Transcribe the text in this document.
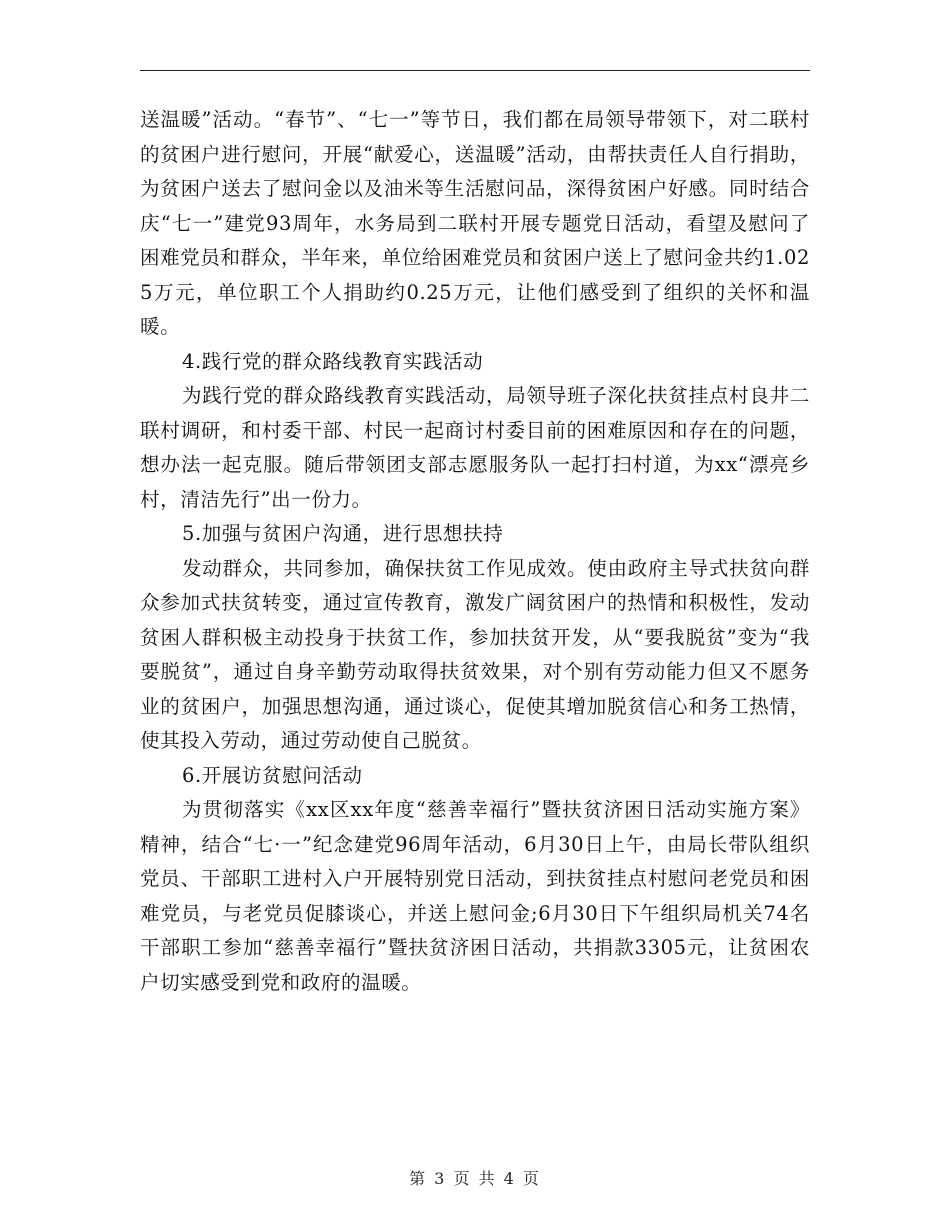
送温暖”活动。“春节”、“七一”等节日，我们都在局领导带领下，对二联村的贫困户进行慰问，开展“献爱心，送温暖”活动，由帮扶责任人自行捐助，为贫困户送去了慰问金以及油米等生活慰问品，深得贫困户好感。同时结合庆“七一”建党93周年，水务局到二联村开展专题党日活动，看望及慰问了困难党员和群众，半年来，单位给困难党员和贫困户送上了慰问金共约1.025万元，单位职工个人捐助约0.25万元，让他们感受到了组织的关怀和温暖。

4.践行党的群众路线教育实践活动

为践行党的群众路线教育实践活动，局领导班子深化扶贫挂点村良井二联村调研，和村委干部、村民一起商讨村委目前的困难原因和存在的问题，想办法一起克服。随后带领团支部志愿服务队一起打扫村道，为xx“漂亮乡村，清洁先行”出一份力。

5.加强与贫困户沟通，进行思想扶持

发动群众，共同参加，确保扶贫工作见成效。使由政府主导式扶贫向群众参加式扶贫转变，通过宣传教育，激发广阔贫困户的热情和积极性，发动贫困人群积极主动投身于扶贫工作，参加扶贫开发，从“要我脱贫”变为“我要脱贫”，通过自身辛勤劳动取得扶贫效果，对个别有劳动能力但又不愿务业的贫困户，加强思想沟通，通过谈心，促使其增加脱贫信心和务工热情，使其投入劳动，通过劳动使自己脱贫。

6.开展访贫慰问活动

为贯彻落实《xx区xx年度“慈善幸福行”暨扶贫济困日活动实施方案》精神，结合“七·一”纪念建党96周年活动，6月30日上午，由局长带队组织党员、干部职工进村入户开展特别党日活动，到扶贫挂点村慰问老党员和困难党员，与老党员促膝谈心，并送上慰问金;6月30日下午组织局机关74名干部职工参加“慈善幸福行”暨扶贫济困日活动，共捐款3305元，让贫困农户切实感受到党和政府的温暖。

第 3 页 共 4 页
